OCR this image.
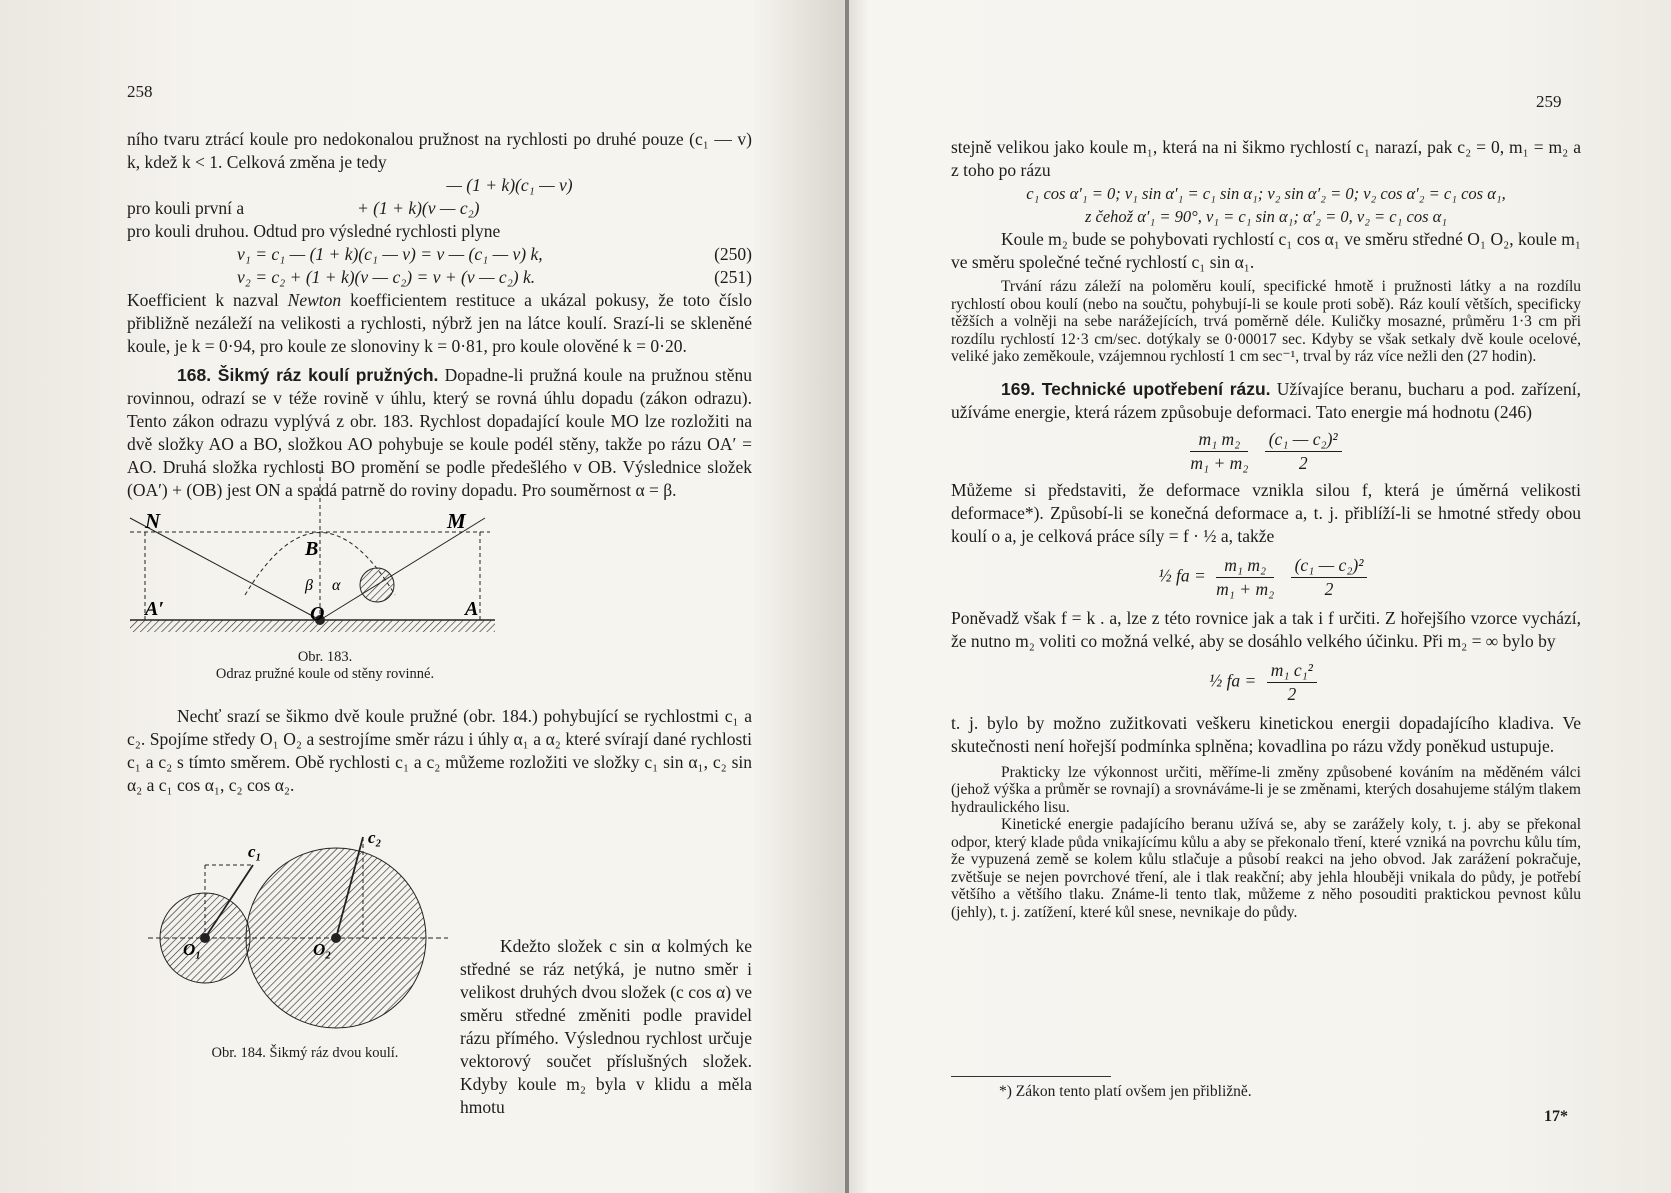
258

ního tvaru ztrácí koule pro nedokonalou pružnost na rychlosti po druhé pouze (c₁ — v) k, kdež k < 1. Celková změna je tedy

— (1 + k)(c₁ — v)
pro kouli první a	+ (1 + k)(v — c₂)

pro kouli druhou. Odtud pro výsledné rychlosti plyne

v₁ = c₁ — (1 + k)(c₁ — v) = v — (c₁ — v) k,	(250)
v₂ = c₂ + (1 + k)(v — c₂) = v + (v — c₂) k.	(251)

Koefficient k nazval Newton koefficientem restituce a ukázal pokusy, že toto číslo přibližně nezáleží na velikosti a rychlosti, nýbrž jen na látce koulí. Srazí-li se skleněné koule, je k = 0·94, pro koule ze slonoviny k = 0·81, pro koule olověné k = 0·20.

168. Šikmý ráz koulí pružných. Dopadne-li pružná koule na pružnou stěnu rovinnou, odrazí se v téže rovině v úhlu, který se rovná úhlu dopadu (zákon odrazu). Tento zákon odrazu vyplývá z obr. 183. Rychlost dopadající koule MO lze rozložiti na dvě složky AO a BO, složkou AO pohybuje se koule podél stěny, takže po rázu OA′ = AO. Druhá složka rychlosti BO promění se podle předešlého v OB. Výslednice složek (OA′) + (OB) jest ON a spadá patrně do roviny dopadu. Pro souměrnost α = β.

N	M
B
A′	A
O
β α
Obr. 183.
Odraz pružné koule od stěny rovinné.

Nechť srazí se šikmo dvě koule pružné (obr. 184.) pohybující se rychlostmi c₁ a c₂. Spojíme středy O₁ O₂ a sestrojíme směr rázu i úhly α₁ a α₂ které svírají dané rychlosti c₁ a c₂ s tímto směrem. Obě rychlosti c₁ a c₂ můžeme rozložiti ve složky c₁ sin α₁, c₂ sin α₂ a c₁ cos α₁, c₂ cos α₂.

c₁
c₂
O₁	O₂
Obr. 184. Šikmý ráz dvou koulí.

Kdežto složek c sin α kolmých ke středné se ráz netýká, je nutno směr i velikost druhých dvou složek (c cos α) ve směru středné změniti podle pravidel rázu přímého. Výslednou rychlost určuje vektorový součet příslušných složek. Kdyby koule m₂ byla v klidu a měla hmotu

259

stejně velikou jako koule m₁, která na ni šikmo rychlostí c₁ narazí, pak c₂ = 0, m₁ = m₂ a z toho po rázu

c₁ cos α′₁ = 0; v₁ sin α′₁ = c₁ sin α₁; v₂ sin α′₂ = 0; v₂ cos α′₂ = c₁ cos α₁,
z čehož α′₁ = 90°, v₁ = c₁ sin α₁; α′₂ = 0, v₂ = c₁ cos α₁

Koule m₂ bude se pohybovati rychlostí c₁ cos α₁ ve směru středné O₁ O₂, koule m₁ ve směru společné tečné rychlostí c₁ sin α₁.

Trvání rázu záleží na poloměru koulí, specifické hmotě i pružnosti látky a na rozdílu rychlostí obou koulí (nebo na součtu, pohybují-li se koule proti sobě). Ráz koulí větších, specificky těžších a volněji na sebe narážejících, trvá poměrně déle. Kuličky mosazné, průměru 1·3 cm při rozdílu rychlostí 12·3 cm/sec. dotýkaly se 0·00017 sec. Kdyby se však setkaly dvě koule ocelové, veliké jako zeměkoule, vzájemnou rychlostí 1 cm sec⁻¹, trval by ráz více nežli den (27 hodin).

169. Technické upotřebení rázu. Užívajíce beranu, bucharu a pod. zařízení, užíváme energie, která rázem způsobuje deformaci. Tato energie má hodnotu (246)

$\frac{\text{m₁ m₂}}{\text{m₁ + m₂}}$
$\frac{\text{(c₁ — c₂)²}}{2}$

Můžeme si představiti, že deformace vznikla silou f, která je úměrná velikosti deformace*). Způsobí-li se konečná deformace a, t. j. přiblíží-li se hmotné středy obou koulí o a, je celková práce síly = f · ½ a, takže

½ fa = $\frac{\text{m₁ m₂}}{\text{m₁ + m₂}}$
$\frac{\text{(c₁ — c₂)²}}{2}$

Poněvadž však f = k . a, lze z této rovnice jak a tak i f určiti. Z hořejšího vzorce vychází, že nutno m₂ voliti co možná velké, aby se dosáhlo velkého účinku. Při m₂ = ∞ bylo by

½ fa = $\frac{\text{m₁ c₁²}}{2}$

t. j. bylo by možno zužitkovati veškeru kinetickou energii dopadajícího kladiva. Ve skutečnosti není hořejší podmínka splněna; kovadlina po rázu vždy poněkud ustupuje.

Prakticky lze výkonnost určiti, měříme-li změny způsobené kováním na měděném válci (jehož výška a průměr se rovnají) a srovnáváme-li je se změnami, kterých dosahujeme stálým tlakem hydraulického lisu.

Kinetické energie padajícího beranu užívá se, aby se zarážely koly, t. j. aby se překonal odpor, který klade půda vnikajícímu kůlu a aby se překonalo tření, které vzniká na povrchu kůlu tím, že vypuzená země se kolem kůlu stlačuje a působí reakci na jeho obvod. Jak zarážení pokračuje, zvětšuje se nejen povrchové tření, ale i tlak reakční; aby jehla hlouběji vnikala do půdy, je potřebí většího a většího tlaku. Známe-li tento tlak, můžeme z něho posouditi praktickou pevnost kůlu (jehly), t. j. zatížení, které kůl snese, nevnikaje do půdy.

*) Zákon tento platí ovšem jen přibližně.
17*
